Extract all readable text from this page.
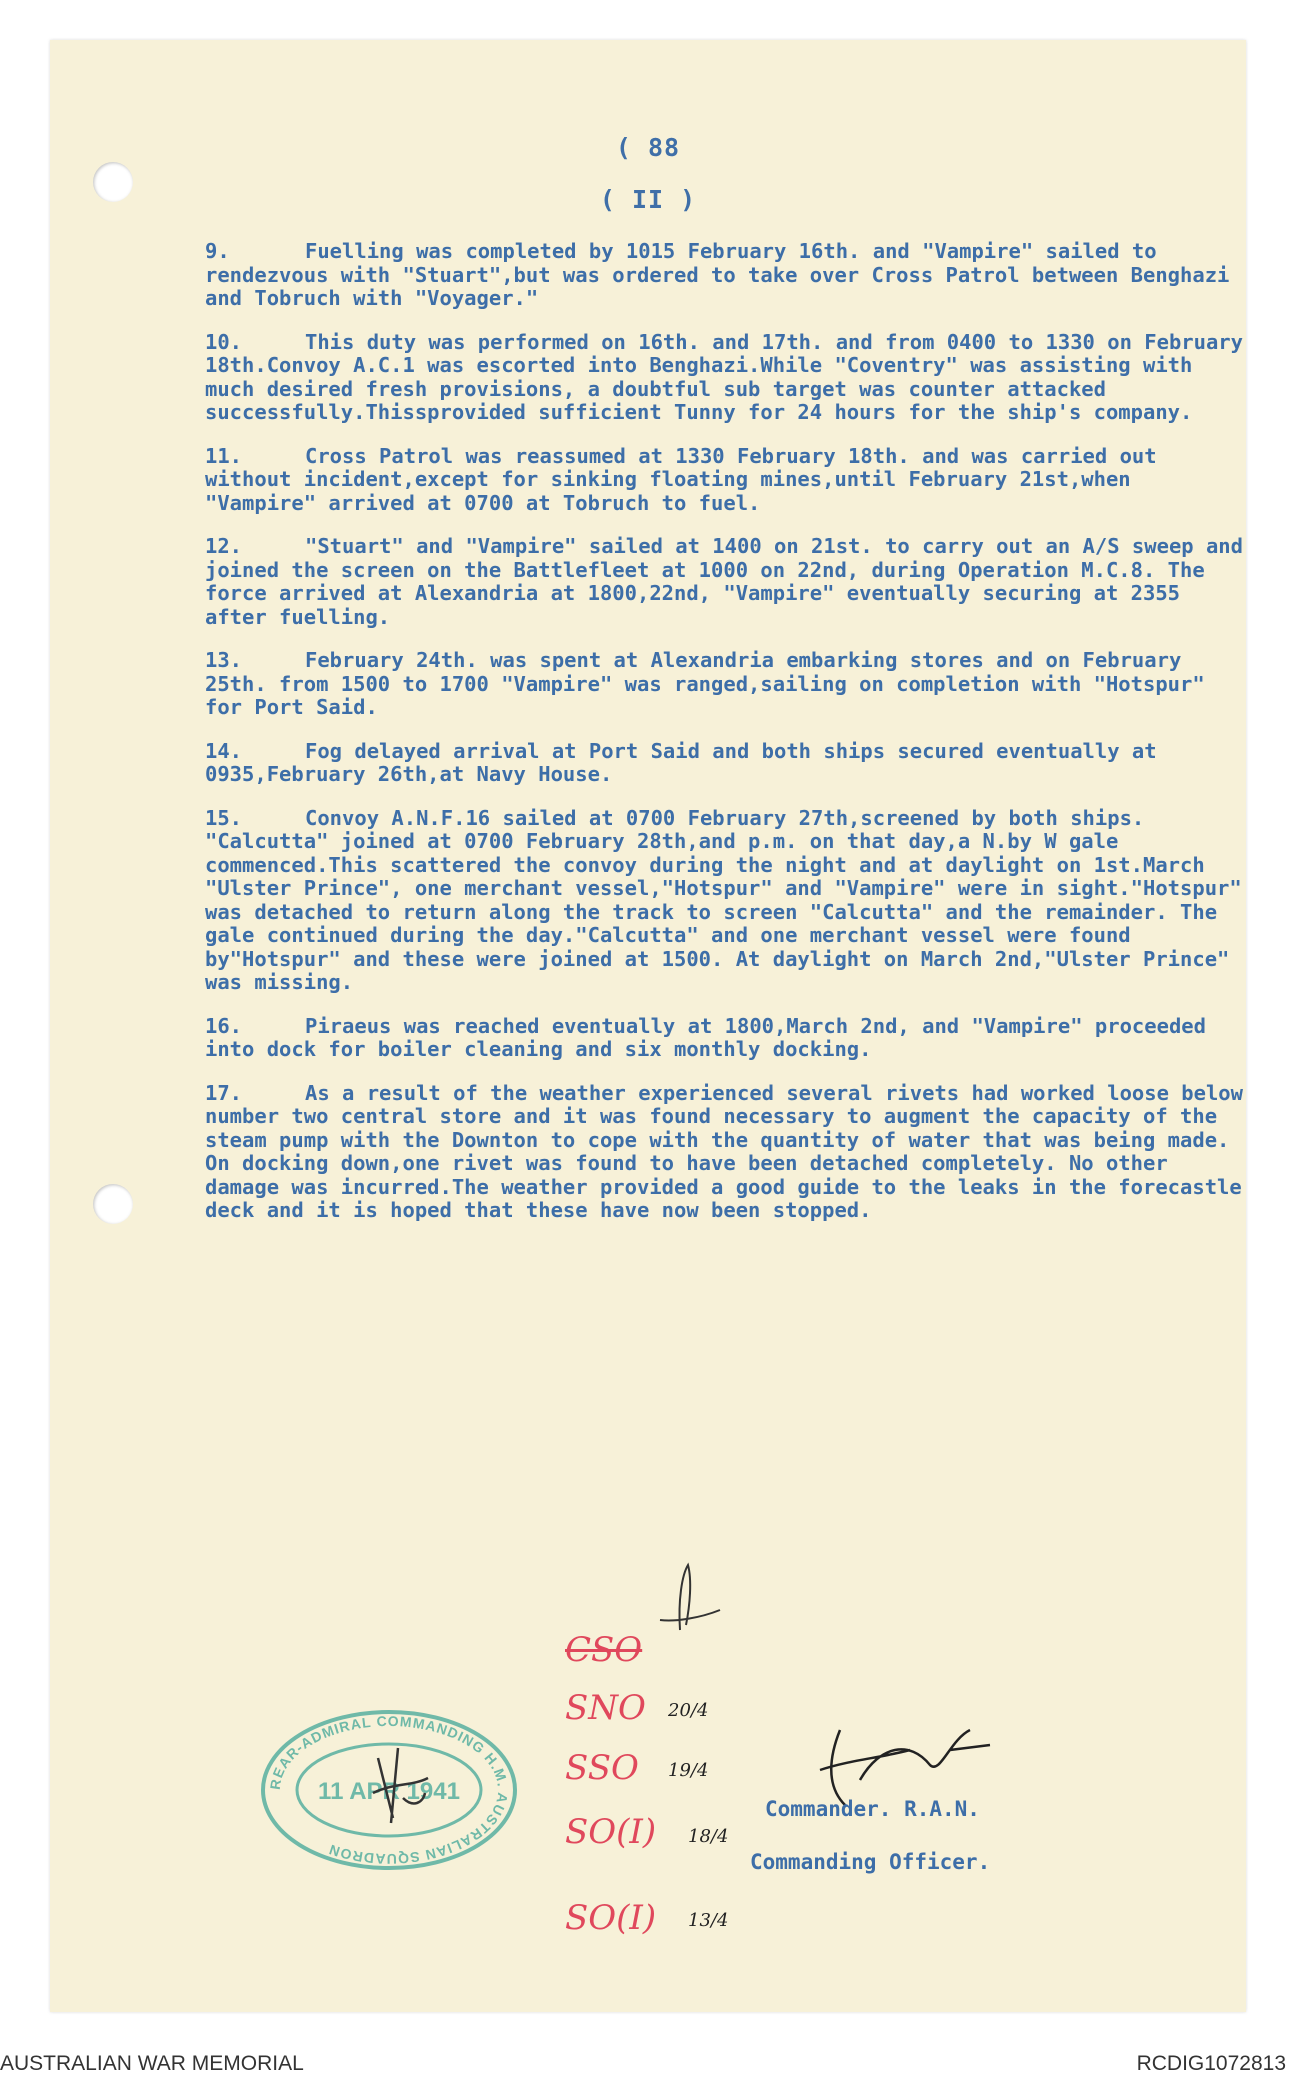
( 88
( II )

9.	Fuelling was completed by 1015 February 16th. and "Vampire" sailed to rendezvous with "Stuart",but was ordered to take over Cross Patrol between Benghazi and Tobruch with "Voyager."

10.	This duty was performed on 16th. and 17th. and from 0400 to 1330 on February 18th.Convoy A.C.1 was escorted into Benghazi.While "Coventry" was assisting with much desired fresh provisions, a doubtful sub target was counter attacked successfully.Thissprovided sufficient Tunny for 24 hours for the ship's company.

11.	Cross Patrol was reassumed at 1330 February 18th. and was carried out without incident,except for sinking floating mines,until February 21st,when "Vampire" arrived at 0700 at Tobruch to fuel.

12.	"Stuart" and "Vampire" sailed at 1400 on 21st. to carry out an A/S sweep and joined the screen on the Battlefleet at 1000 on 22nd, during Operation M.C.8. The force arrived at Alexandria at 1800,22nd, "Vampire" eventually securing at 2355 after fuelling.

13.	February 24th. was spent at Alexandria embarking stores and on February 25th. from 1500 to 1700 "Vampire" was ranged,sailing on completion with "Hotspur" for Port Said.

14.	Fog delayed arrival at Port Said and both ships secured eventually at 0935,February 26th,at Navy House.

15.	Convoy A.N.F.16 sailed at 0700 February 27th,screened by both ships. "Calcutta" joined at 0700 February 28th,and p.m. on that day,a N.by W gale commenced.This scattered the convoy during the night and at daylight on 1st.March "Ulster Prince", one merchant vessel,"Hotspur" and "Vampire" were in sight."Hotspur" was detached to return along the track to screen "Calcutta" and the remainder. The gale continued during the day."Calcutta" and one merchant vessel were found by"Hotspur" and these were joined at 1500. At daylight on March 2nd,"Ulster Prince" was missing.

16.	Piraeus was reached eventually at 1800,March 2nd, and "Vampire" proceeded into dock for boiler cleaning and six monthly docking.

17.	As a result of the weather experienced several rivets had worked loose below number two central store and it was found necessary to augment the capacity of the steam pump with the Downton to cope with the quantity of water that was being made. On docking down,one rivet was found to have been detached completely. No other damage was incurred.The weather provided a good guide to the leaks in the forecastle deck and it is hoped that these have now been stopped.

CSO
SNO 20/4
SSO 19/4
SO(I) 18/4
SO(I) 13/4
REAR-ADMIRAL COMMANDING H.M. AUSTRALIAN SQUADRON
11 APR 1941
Commander. R.A.N.
Commanding Officer.
AUSTRALIAN WAR MEMORIAL	RCDIG1072813
